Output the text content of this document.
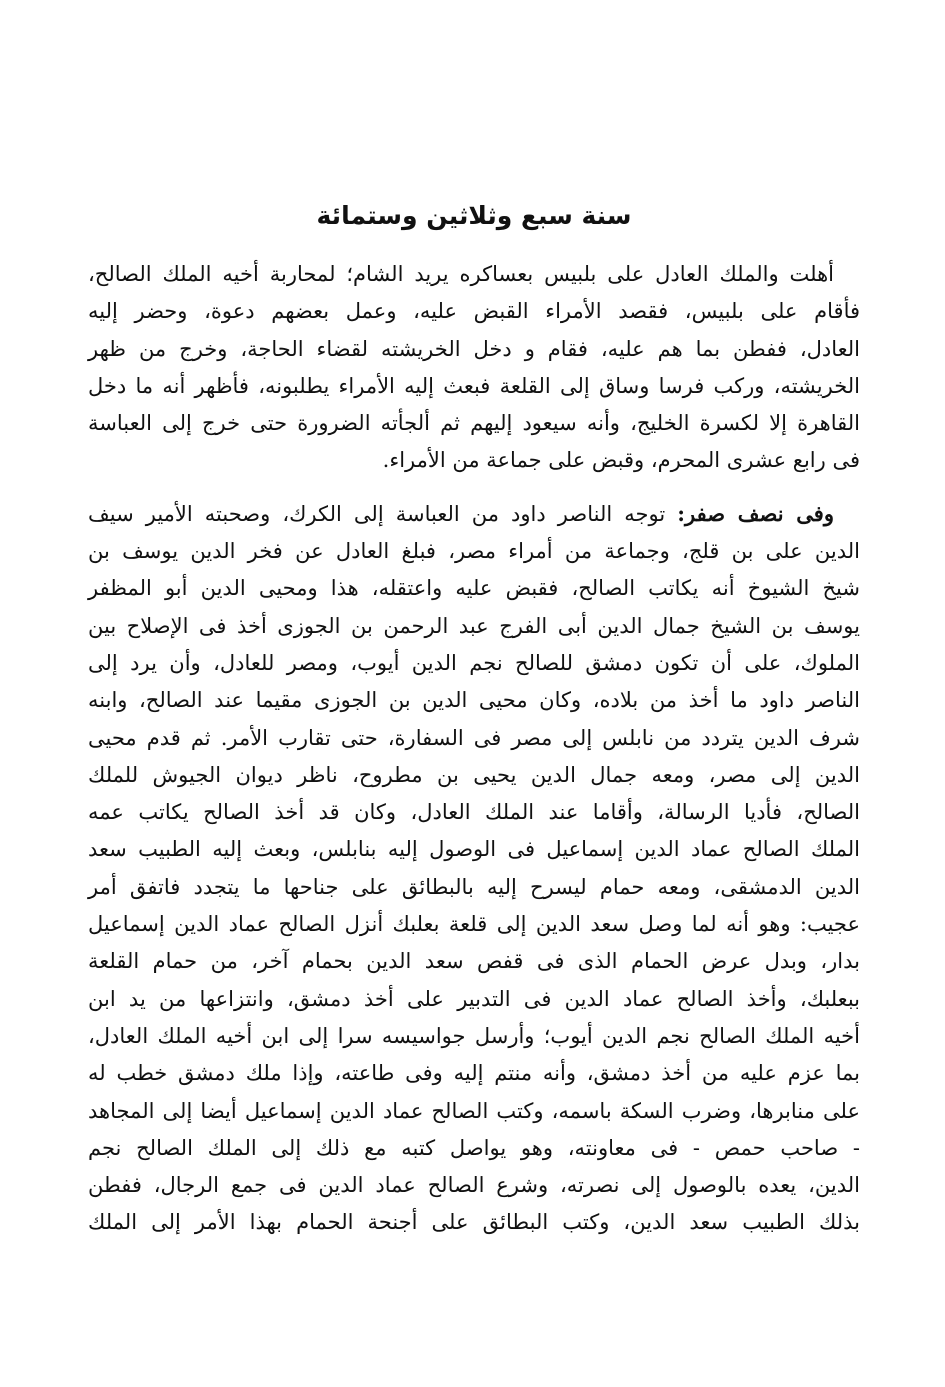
سنة سبع وثلاثين وستمائة

أهلت والملك العادل على بلبيس بعساكره يريد الشام؛ لمحاربة أخيه الملك الصالح،
فأقام على بلبيس، فقصد الأمراء القبض عليه، وعمل بعضهم دعوة، وحضر إليه
العادل، ففطن بما هم عليه، فقام و دخل الخريشته لقضاء الحاجة، وخرج من ظهر
الخريشته، وركب فرسا وساق إلى القلعة فبعث إليه الأمراء يطلبونه، فأظهر أنه ما دخل
القاهرة إلا لكسرة الخليج، وأنه سيعود إليهم ثم ألجأته الضرورة حتى خرج إلى العباسة
فى رابع عشرى المحرم، وقبض على جماعة من الأمراء.

وفى نصف صفر: توجه الناصر داود من العباسة إلى الكرك، وصحبته الأمير سيف
الدين على بن قلج، وجماعة من أمراء مصر، فبلغ العادل عن فخر الدين يوسف بن
شيخ الشيوخ أنه يكاتب الصالح، فقبض عليه واعتقله، هذا ومحيى الدين أبو المظفر
يوسف بن الشيخ جمال الدين أبى الفرج عبد الرحمن بن الجوزى أخذ فى الإصلاح بين
الملوك، على أن تكون دمشق للصالح نجم الدين أيوب، ومصر للعادل، وأن يرد إلى
الناصر داود ما أخذ من بلاده، وكان محيى الدين بن الجوزى مقيما عند الصالح، وابنه
شرف الدين يتردد من نابلس إلى مصر فى السفارة، حتى تقارب الأمر. ثم قدم محيى
الدين إلى مصر، ومعه جمال الدين يحيى بن مطروح، ناظر ديوان الجيوش للملك
الصالح، فأديا الرسالة، وأقاما عند الملك العادل، وكان قد أخذ الصالح يكاتب عمه
الملك الصالح عماد الدين إسماعيل فى الوصول إليه بنابلس، وبعث إليه الطبيب سعد
الدين الدمشقى، ومعه حمام ليسرح إليه بالبطائق على جناحها ما يتجدد فاتفق أمر
عجيب: وهو أنه لما وصل سعد الدين إلى قلعة بعلبك أنزل الصالح عماد الدين إسماعيل
بدار، وبدل عرض الحمام الذى فى قفص سعد الدين بحمام آخر، من حمام القلعة
ببعلبك، وأخذ الصالح عماد الدين فى التدبير على أخذ دمشق، وانتزاعها من يد ابن
أخيه الملك الصالح نجم الدين أيوب؛ وأرسل جواسيسه سرا إلى ابن أخيه الملك العادل،
بما عزم عليه من أخذ دمشق، وأنه منتم إليه وفى طاعته، وإذا ملك دمشق خطب له
على منابرها، وضرب السكة باسمه، وكتب الصالح عماد الدين إسماعيل أيضا إلى المجاهد
- صاحب حمص - فى معاونته، وهو يواصل كتبه مع ذلك إلى الملك الصالح نجم
الدين، يعده بالوصول إلى نصرته، وشرع الصالح عماد الدين فى جمع الرجال، ففطن
بذلك الطبيب سعد الدين، وكتب البطائق على أجنحة الحمام بهذا الأمر إلى الملك
